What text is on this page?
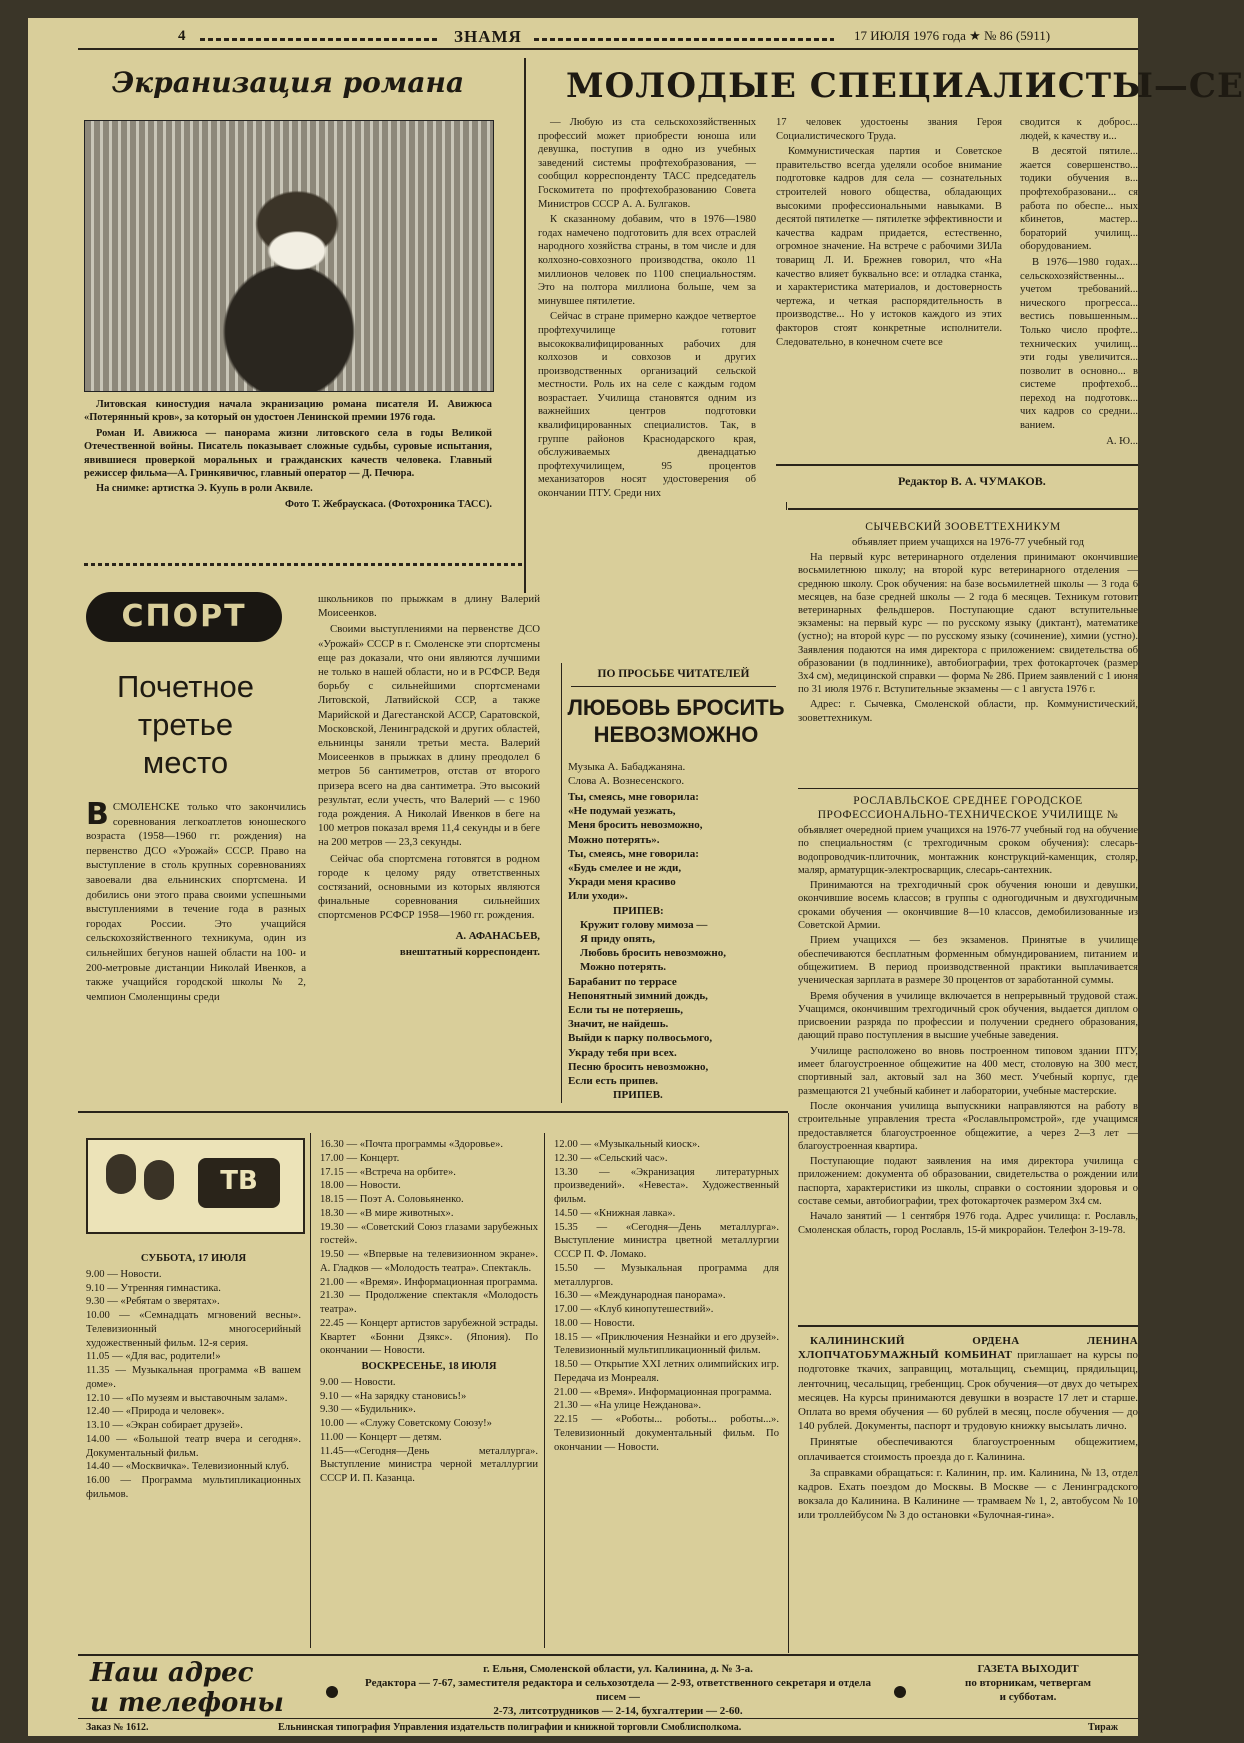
4	ЗНАМЯ	17 ИЮЛЯ 1976 года ★ № 86 (5911)
Экранизация романа

Литовская киностудия начала экранизацию романа писателя И. Авижюса «Потерянный кров», за который он удостоен Ленинской премии 1976 года.

Роман И. Авижюса — панорама жизни литовского села в годы Великой Отечественной войны. Писатель показывает сложные судьбы, суровые испытания, явившиеся проверкой моральных и гражданских качеств человека. Главный режиссер фильма—А. Гринкявичюс, главный оператор — Д. Печюра.

На снимке: артистка Э. Куупь в роли Аквиле.

Фото Т. Жебраускаса. (Фотохроника ТАСС).

МОЛОДЫЕ СПЕЦИАЛИСТЫ—СЕ

— Любую из ста сельскохозяйственных профессий может приобрести юноша или девушка, поступив в одно из учебных заведений системы профтехобразования, — сообщил корреспонденту ТАСС председатель Госкомитета по профтехобразованию Совета Министров СССР А. А. Булгаков.

К сказанному добавим, что в 1976—1980 годах намечено подготовить для всех отраслей народного хозяйства страны, в том числе и для колхозно-совхозного производства, около 11 миллионов человек по 1100 специальностям. Это на полтора миллиона больше, чем за минувшее пятилетие.

Сейчас в стране примерно каждое четвертое профтехучилище готовит высококвалифицированных рабочих для колхозов и совхозов и других производственных организаций сельской местности. Роль их на селе с каждым годом возрастает. Училища становятся одним из важнейших центров подготовки квалифицированных специалистов. Так, в группе районов Краснодарского края, обслуживаемых двенадцатью профтехучилищем, 95 процентов механизаторов носят удостоверения об окончании ПТУ. Среди них

17 человек удостоены звания Героя Социалистического Труда.

Коммунистическая партия и Советское правительство всегда уделяли особое внимание подготовке кадров для села — сознательных строителей нового общества, обладающих высокими профессиональными навыками. В десятой пятилетке — пятилетке эффективности и качества кадрам придается, естественно, огромное значение. На встрече с рабочими ЗИЛа товарищ Л. И. Брежнев говорил, что «На качество влияет буквально все: и отладка станка, и характеристика материалов, и достоверность чертежа, и четкая распорядительность в производстве... Но у истоков каждого из этих факторов стоят конкретные исполнители. Следовательно, в конечном счете все

сводится к доброс... людей, к качеству и...

В десятой пятиле... жается совершенство... тодики обучения в... профтехобразовани... ся работа по обеспе... ных кбинетов, мастер... бораторий училищ... оборудованием.

В 1976—1980 годах... сельскохозяйственны... учетом требований... нического прогресса... вестись повышенным... Только число профте... технических училищ... эти годы увеличится... позволит в основно... в системе профтехоб... переход на подготовк... чих кадров со средни... ванием.

А. Ю...

Редактор В. А. ЧУМАКОВ.
ПО ПРОСЬБЕ ЧИТАТЕЛЕЙ
ЛЮБОВЬ БРОСИТЬ
НЕВОЗМОЖНО
Музыка А. Бабаджаняна.
Слова А. Вознесенского.
Ты, смеясь, мне говорила:
«Не подумай уезжать,
Меня бросить невозможно,
Можно потерять».
Ты, смеясь, мне говорила:
«Будь смелее и не жди,
Укради меня красиво
Или уходи».
ПРИПЕВ:
Кружит голову мимоза —
Я приду опять,
Любовь бросить невозможно,
Можно потерять.
Барабанит по террасе
Непонятный зимний дождь,
Если ты не потеряешь,
Значит, не найдешь.
Выйди к парку полвосьмого,
Украду тебя при всех.
Песню бросить невозможно,
Если есть припев.
ПРИПЕВ.
СПОРТ
Почетное
третье
место
ВСМОЛЕНСКЕ только что закончились соревнования легкоатлетов юношеского возраста (1958—1960 гг. рождения) на первенство ДСО «Урожай» СССР. Право на выступление в столь крупных соревнованиях завоевали два ельнинских спортсмена. И добились они этого права своими успешными выступлениями в течение года в разных городах России. Это учащийся сельскохозяйственного техникума, один из сильнейших бегунов нашей области на 100- и 200-метровые дистанции Николай Ивенков, а также учащийся городской школы № 2, чемпион Смоленщины среди

школьников по прыжкам в длину Валерий Моисеенков.

Своими выступлениями на первенстве ДСО «Урожай» СССР в г. Смоленске эти спортсмены еще раз доказали, что они являются лучшими не только в нашей области, но и в РСФСР. Ведя борьбу с сильнейшими спортсменами Литовской, Латвийской ССР, а также Марийской и Дагестанской АССР, Саратовской, Московской, Ленинградской и других областей, ельнинцы заняли третьи места. Валерий Моисеенков в прыжках в длину преодолел 6 метров 56 сантиметров, отстав от второго призера всего на два сантиметра. Это высокий результат, если учесть, что Валерий — с 1960 года рождения. А Николай Ивенков в беге на 100 метров показал время 11,4 секунды и в беге на 200 метров — 23,3 секунды.

Сейчас оба спортсмена готовятся в родном городе к целому ряду ответственных состязаний, основными из которых являются финальные соревнования сильнейших спортсменов РСФСР 1958—1960 гг. рождения.

А. АФАНАСЬЕВ,

внештатный корреспондент.

ТВ
СУББОТА, 17 ИЮЛЯ
9.00 — Новости.
9.10 — Утренняя гимнастика.
9.30 — «Ребятам о зверятах».
10.00 — «Семнадцать мгновений весны». Телевизионный многосерийный художественный фильм. 12-я серия.
11.05 — «Для вас, родители!»
11.35 — Музыкальная программа «В вашем доме».
12.10 — «По музеям и выставочным залам».
12.40 — «Природа и человек».
13.10 — «Экран собирает друзей».
14.00 — «Большой театр вчера и сегодня». Документальный фильм.
14.40 — «Москвичка». Телевизионный клуб.
16.00 — Программа мультипликационных фильмов.
16.30 — «Почта программы «Здоровье».
17.00 — Концерт.
17.15 — «Встреча на орбите».
18.00 — Новости.
18.15 — Поэт А. Соловьяненко.
18.30 — «В мире животных».
19.30 — «Советский Союз глазами зарубежных гостей».
19.50 — «Впервые на телевизионном экране». А. Гладков — «Молодость театра». Спектакль.
21.00 — «Время». Информационная программа.
21.30 — Продолжение спектакля «Молодость театра».
22.45 — Концерт артистов зарубежной эстрады. Квартет «Бонни Дзякс». (Япония). По окончании — Новости.
ВОСКРЕСЕНЬЕ, 18 ИЮЛЯ
9.00 — Новости.
9.10 — «На зарядку становись!»
9.30 — «Будильник».
10.00 — «Служу Советскому Союзу!»
11.00 — Концерт — детям.
11.45—«Сегодня—День металлурга». Выступление министра черной металлургии СССР И. П. Казанца.
12.00 — «Музыкальный киоск».
12.30 — «Сельский час».
13.30 — «Экранизация литературных произведений». «Невеста». Художественный фильм.
14.50 — «Книжная лавка».
15.35 — «Сегодня—День металлурга». Выступление министра цветной металлургии СССР П. Ф. Ломако.
15.50 — Музыкальная программа для металлургов.
16.30 — «Международная панорама».
17.00 — «Клуб кинопутешествий».
18.00 — Новости.
18.15 — «Приключения Незнайки и его друзей». Телевизионный мультипликационный фильм.
18.50 — Открытие XXI летних олимпийских игр. Передача из Монреаля.
21.00 — «Время». Информационная программа.
21.30 — «На улице Нежданова».
22.15 — «Роботы... роботы... роботы...». Телевизионный документальный фильм. По окончании — Новости.
СЫЧЕВСКИЙ ЗООВЕТТЕХНИКУМ

объявляет прием учащихся на 1976-77 учебный год

На первый курс ветеринарного отделения принимают окончившие восьмилетнюю школу; на второй курс ветеринарного отделения — среднюю школу. Срок обучения: на базе восьмилетней школы — 3 года 6 месяцев, на базе средней школы — 2 года 6 месяцев. Техникум готовит ветеринарных фельдшеров. Поступающие сдают вступительные экзамены: на первый курс — по русскому языку (диктант), математике (устно); на второй курс — по русскому языку (сочинение), химии (устно). Заявления подаются на имя директора с приложением: свидетельства об образовании (в подлиннике), автобиографии, трех фотокарточек (размер 3х4 см), медицинской справки — форма № 286. Прием заявлений с 1 июня по 31 июля 1976 г. Вступительные экзамены — с 1 августа 1976 г.

Адрес: г. Сычевка, Смоленской области, пр. Коммунистический, зооветтехникум.

РОСЛАВЛЬСКОЕ СРЕДНЕЕ ГОРОДСКОЕ
ПРОФЕССИОНАЛЬНО-ТЕХНИЧЕСКОЕ УЧИЛИЩЕ №

объявляет очередной прием учащихся на 1976-77 учебный год на обучение по специальностям (с трехгодичным сроком обучения): слесарь-водопроводчик-плиточник, монтажник конструкций-каменщик, столяр, маляр, арматурщик-электросварщик, слесарь-сантехник.

Принимаются на трехгодичный срок обучения юноши и девушки, окончившие восемь классов; в группы с одногодичным и двухгодичным сроками обучения — окончившие 8—10 классов, демобилизованные из Советской Армии.

Прием учащихся — без экзаменов. Принятые в училище обеспечиваются бесплатным форменным обмундированием, питанием и общежитием. В период производственной практики выплачивается ученическая зарплата в размере 30 процентов от заработанной суммы.

Время обучения в училище включается в непрерывный трудовой стаж. Учащимся, окончившим трехгодичный срок обучения, выдается диплом о присвоении разряда по профессии и получении среднего образования, дающий право поступления в высшие учебные заведения.

Училище расположено во вновь построенном типовом здании ПТУ, имеет благоустроенное общежитие на 400 мест, столовую на 300 мест, спортивный зал, актовый зал на 360 мест. Учебный корпус, где размещаются 21 учебный кабинет и лаборатории, учебные мастерские.

После окончания училища выпускники направляются на работу в строительные управления треста «Рославльпромстрой», где учащимся предоставляется благоустроенное общежитие, а через 2—3 лет — благоустроенная квартира.

Поступающие подают заявления на имя директора училища с приложением: документа об образовании, свидетельства о рождении или паспорта, характеристики из школы, справки о состоянии здоровья и о составе семьи, автобиографии, трех фотокарточек размером 3х4 см.

Начало занятий — 1 сентября 1976 года. Адрес училища: г. Рославль, Смоленская область, город Рославль, 15-й микрорайон. Телефон 3-19-78.

КАЛИНИНСКИЙ ОРДЕНА ЛЕНИНА ХЛОПЧАТОБУМАЖНЫЙ КОМБИНАТ приглашает на курсы по подготовке ткачих, заправщиц, мотальщиц, съемщиц, прядильщиц, ленточниц, чесальщиц, гребенщиц. Срок обучения—от двух до четырех месяцев. На курсы принимаются девушки в возрасте 17 лет и старше. Оплата во время обучения — 60 рублей в месяц, после обучения — до 140 рублей. Документы, паспорт и трудовую книжку высылать лично.

Принятые обеспечиваются благоустроенным общежитием, оплачивается стоимость проезда до г. Калинина.

За справками обращаться: г. Калинин, пр. им. Калинина, № 13, отдел кадров. Ехать поездом до Москвы. В Москве — с Ленинградского вокзала до Калинина. В Калинине — трамваем № 1, 2, автобусом № 10 или троллейбусом № 3 до остановки «Булочная-гина».

Наш адрес
и телефоны
г. Ельня, Смоленской области, ул. Калинина, д. № 3-а.
Редактора — 7-67, заместителя редактора и сельхозотдела — 2-93, ответственного секретаря и отдела писем —
2-73, литсотрудников — 2-14, бухгалтерии — 2-60.
ГАЗЕТА ВЫХОДИТ
по вторникам, четвергам
и субботам.
Заказ № 1612.	Ельнинская типография Управления издательств полиграфии и книжной торговли Смоблисполкома.	Тираж
